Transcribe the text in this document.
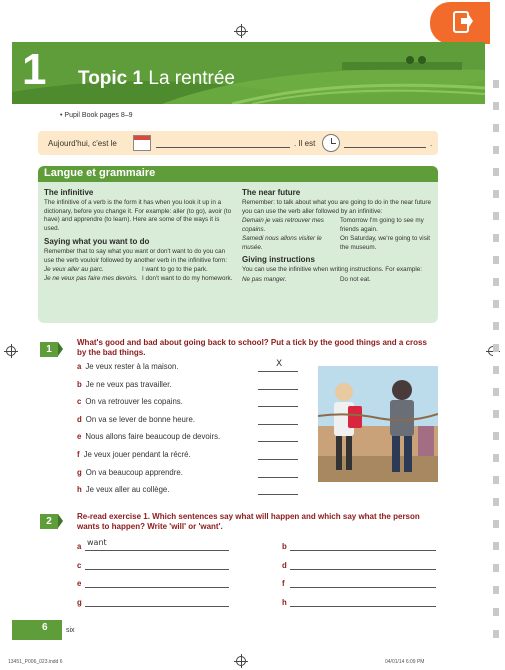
1 Topic 1 La rentrée
• Pupil Book pages 8–9
Aujourd'hui, c'est le	. Il est	.
Langue et grammaire
The infinitive

The infinitive of a verb is the form it has when you look it up in a dictionary, before you change it. For example: aller (to go), avoir (to have) and apprendre (to learn). Here are some of the ways it is used.

Saying what you want to do

Remember that to say what you want or don't want to do you can use the verb vouloir followed by another verb in the infinitive form:

Je veux aller au parc.	I want to go to the park.
Je ne veux pas faire mes devoirs. I don't want to do my homework.
The near future

Remember: to talk about what you are going to do in the near future you can use the verb aller followed by an infinitive:

Demain je vais retrouver mes copains.
Tomorrow I'm going to see my friends again.
Samedi nous allons visiter le musée.
On Saturday, we're going to visit the museum.
Giving instructions

You can use the infinitive when writing instructions. For example:

Ne pas manger.	Do not eat.
1
What's good and bad about going back to school? Put a tick by the good things and a cross by the bad things.
a Je veux rester à la maison.	X
b Je ne veux pas travailler.
c On va retrouver les copains.
d On va se lever de bonne heure.
e Nous allons faire beaucoup de devoirs.
f Je veux jouer pendant la récré.
g On va beaucoup apprendre.
h Je veux aller au collège.
2	Re-read exercise 1. Which sentences say what will happen and which say what the person wants to happen? Write 'will' or 'want'.
a want	b
c	d
e	f
g	h
6	six
13451_P006_023.indd 6	04/01/14 6:09 PM
